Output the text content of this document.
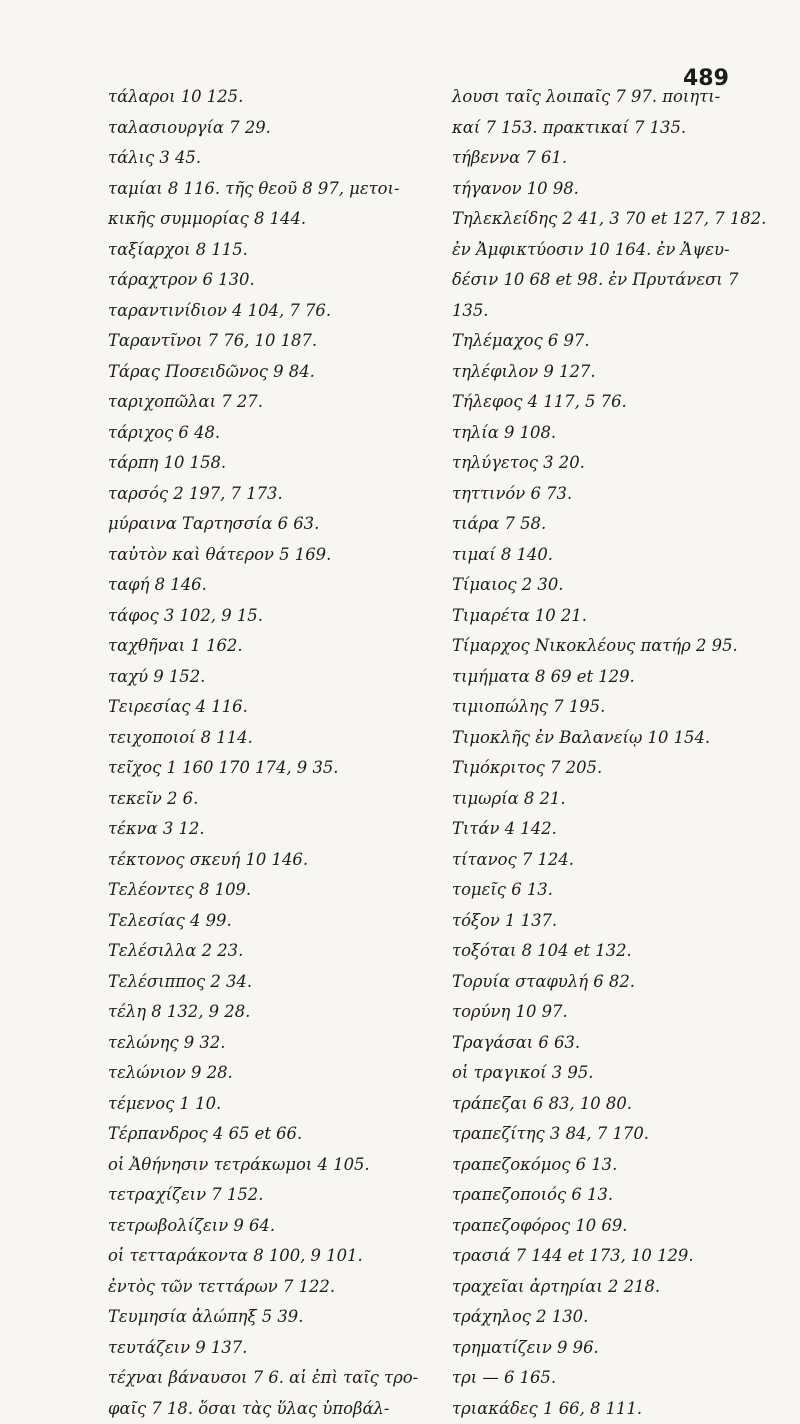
489
τάλαροι 10 125.
ταλασιουργία 7 29.
τάλις 3 45.
ταμίαι 8 116. τῆς θεοῦ 8 97, μετοι-
κικῆς συμμορίας 8 144.
ταξίαρχοι 8 115.
τάραχτρον 6 130.
ταραντινίδιον 4 104, 7 76.
Ταραντῖνοι 7 76, 10 187.
Τάρας Ποσειδῶνος 9 84.
ταριχοπῶλαι 7 27.
τάριχος 6 48.
τάρπη 10 158.
ταρσός 2 197, 7 173.
μύραινα Ταρτησσία 6 63.
ταὐτὸν καὶ θάτερον 5 169.
ταφή 8 146.
τάφος 3 102, 9 15.
ταχθῆναι 1 162.
ταχύ 9 152.
Τειρεσίας 4 116.
τειχοποιοί 8 114.
τεῖχος 1 160 170 174, 9 35.
τεκεῖν 2 6.
τέκνα 3 12.
τέκτονος σκευή 10 146.
Τελέοντες 8 109.
Τελεσίας 4 99.
Τελέσιλλα 2 23.
Τελέσιππος 2 34.
τέλη 8 132, 9 28.
τελώνης 9 32.
τελώνιον 9 28.
τέμενος 1 10.
Τέρπανδρος 4 65 et 66.
οἱ Ἀθήνησιν τετράκωμοι 4 105.
τετραχίζειν 7 152.
τετρωβολίζειν 9 64.
οἱ τετταράκοντα 8 100, 9 101.
ἐντὸς τῶν τεττάρων 7 122.
Τευμησία ἀλώπηξ 5 39.
τευτάζειν 9 137.
τέχναι βάναυσοι 7 6. αἱ ἐπὶ ταῖς τρο-
φαῖς 7 18. ὅσαι τὰς ὕλας ὑποβάλ-
λουσι ταῖς λοιπαῖς 7 97. ποιητι-
καί 7 153. πρακτικαί 7 135.
τήβεννα 7 61.
τήγανον 10 98.
Τηλεκλείδης 2 41, 3 70 et 127, 7 182.
ἐν Ἀμφικτύοσιν 10 164. ἐν Ἀψευ-
δέσιν 10 68 et 98. ἐν Πρυτάνεσι 7
135.
Τηλέμαχος 6 97.
τηλέφιλον 9 127.
Τήλεφος 4 117, 5 76.
τηλία 9 108.
τηλύγετος 3 20.
τηττινόν 6 73.
τιάρα 7 58.
τιμαί 8 140.
Τίμαιος 2 30.
Τιμαρέτα 10 21.
Τίμαρχος Νικοκλέους πατήρ 2 95.
τιμήματα 8 69 et 129.
τιμιοπώλης 7 195.
Τιμοκλῆς ἐν Βαλανείῳ 10 154.
Τιμόκριτος 7 205.
τιμωρία 8 21.
Τιτάν 4 142.
τίτανος 7 124.
τομεῖς 6 13.
τόξον 1 137.
τοξόται 8 104 et 132.
Τορυία σταφυλή 6 82.
τορύνη 10 97.
Τραγάσαι 6 63.
οἱ τραγικοί 3 95.
τράπεζαι 6 83, 10 80.
τραπεζίτης 3 84, 7 170.
τραπεζοκόμος 6 13.
τραπεζοποιός 6 13.
τραπεζοφόρος 10 69.
τρασιά 7 144 et 173, 10 129.
τραχεῖαι ἀρτηρίαι 2 218.
τράχηλος 2 130.
τρηματίζειν 9 96.
τρι — 6 165.
τριακάδες 1 66, 8 111.
